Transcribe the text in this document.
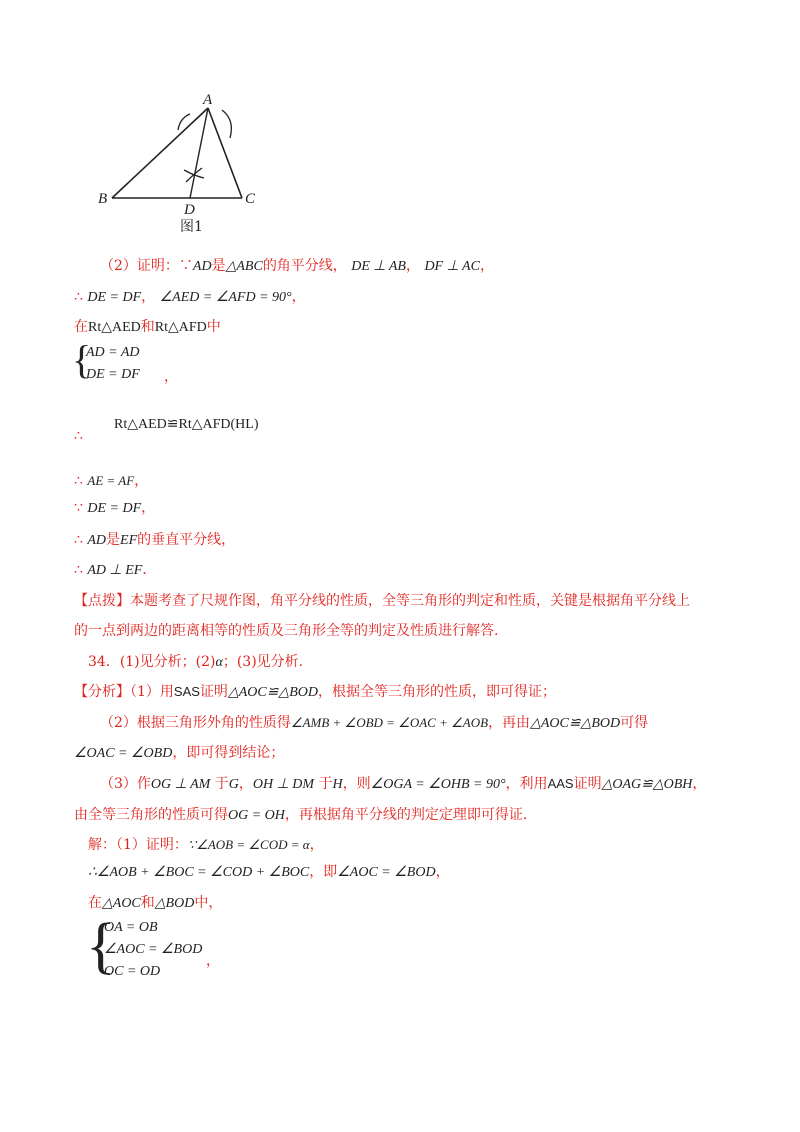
A
B	C
D
图1
（2）证明：∵AD是△ABC的角平分线， DE ⊥ AB， DF ⊥ AC，
∴ DE = DF， ∠AED = ∠AFD = 90°，
在Rt△AED和Rt△AFD中
{
AD = AD
DE = DF ，
Rt△AED≌Rt△AFD(HL)
∴
∴ AE = AF，
∵ DE = DF，
∴ AD是EF的垂直平分线，
∴ AD ⊥ EF．
【点拨】本题考查了尺规作图，角平分线的性质，全等三角形的判定和性质，关键是根据角平分线上
的一点到两边的距离相等的性质及三角形全等的判定及性质进行解答.
34．(1)见分析；(2)α；(3)见分析.
【分析】（1）用SAS证明△AOC≌△BOD，根据全等三角形的性质，即可得证；
（2）根据三角形外角的性质得∠AMB + ∠OBD = ∠OAC + ∠AOB，再由△AOC≌△BOD可得
∠OAC = ∠OBD，即可得到结论；
（3）作OG ⊥ AM 于G，OH ⊥ DM 于H，则∠OGA = ∠OHB = 90°，利用AAS证明△OAG≌△OBH，
由全等三角形的性质可得OG = OH，再根据角平分线的判定定理即可得证.
解：（1）证明：∵∠AOB = ∠COD = α，
∴∠AOB + ∠BOC = ∠COD + ∠BOC，即∠AOC = ∠BOD，
在△AOC和△BOD中，
{
OA = OB
∠AOC = ∠BOD
OC = OD
，
